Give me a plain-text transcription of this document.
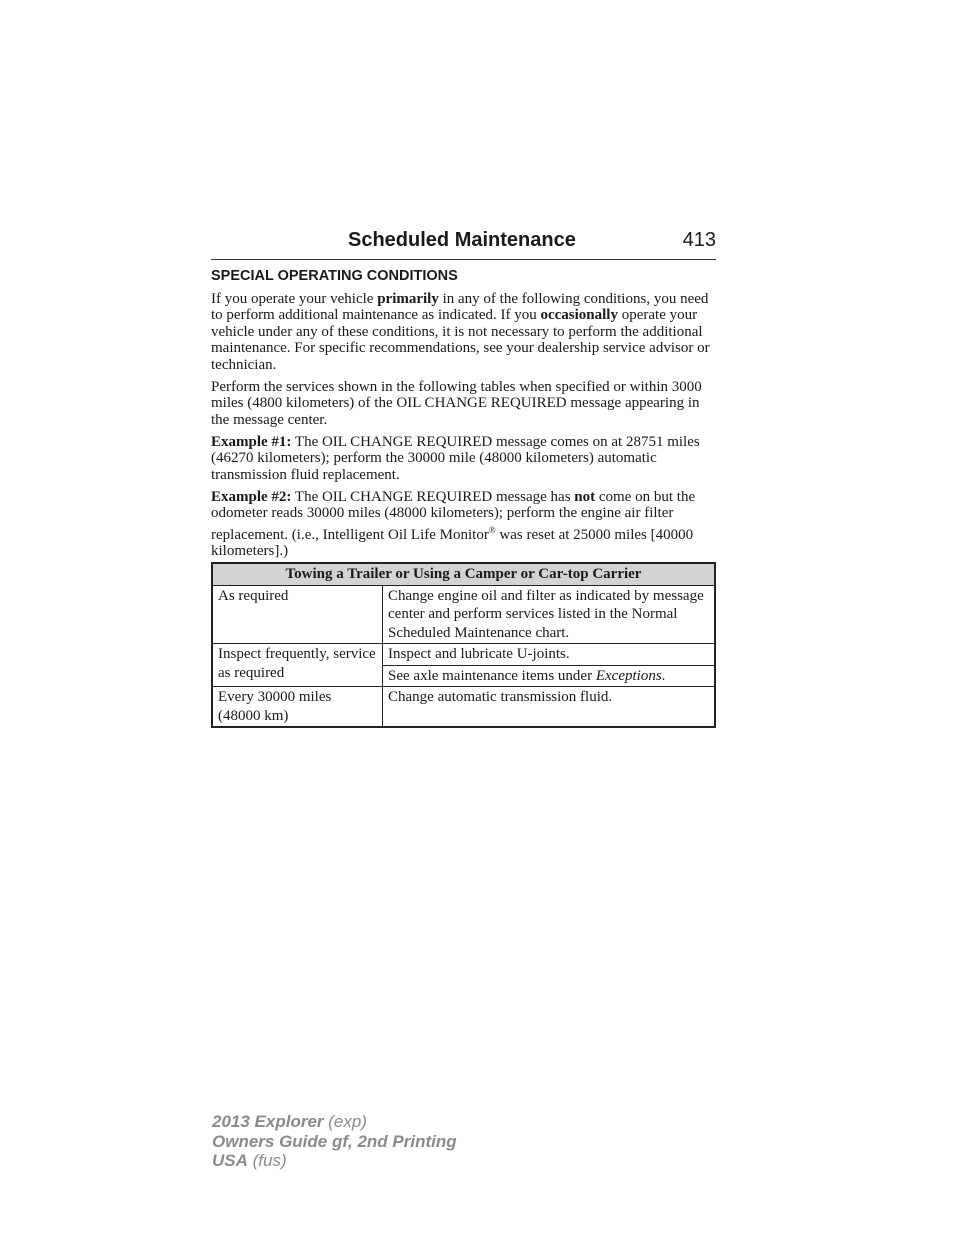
Scheduled Maintenance	413
SPECIAL OPERATING CONDITIONS
If you operate your vehicle primarily in any of the following conditions, you need to perform additional maintenance as indicated. If you occasionally operate your vehicle under any of these conditions, it is not necessary to perform the additional maintenance. For specific recommendations, see your dealership service advisor or technician.
Perform the services shown in the following tables when specified or within 3000 miles (4800 kilometers) of the OIL CHANGE REQUIRED message appearing in the message center.
Example #1: The OIL CHANGE REQUIRED message comes on at 28751 miles (46270 kilometers); perform the 30000 mile (48000 kilometers) automatic transmission fluid replacement.
Example #2: The OIL CHANGE REQUIRED message has not come on but the odometer reads 30000 miles (48000 kilometers); perform the engine air filter replacement. (i.e., Intelligent Oil Life Monitor® was reset at 25000 miles [40000 kilometers].)
Towing a Trailer or Using a Camper or Car-top Carrier	
As required	Change engine oil and filter as indicated by message center and perform services listed in the Normal Scheduled Maintenance chart.
Inspect frequently, service as required	Inspect and lubricate U-joints.
	See axle maintenance items under Exceptions.
Every 30000 miles (48000 km)	Change automatic transmission fluid.
2013 Explorer (exp)
Owners Guide gf, 2nd Printing
USA (fus)
